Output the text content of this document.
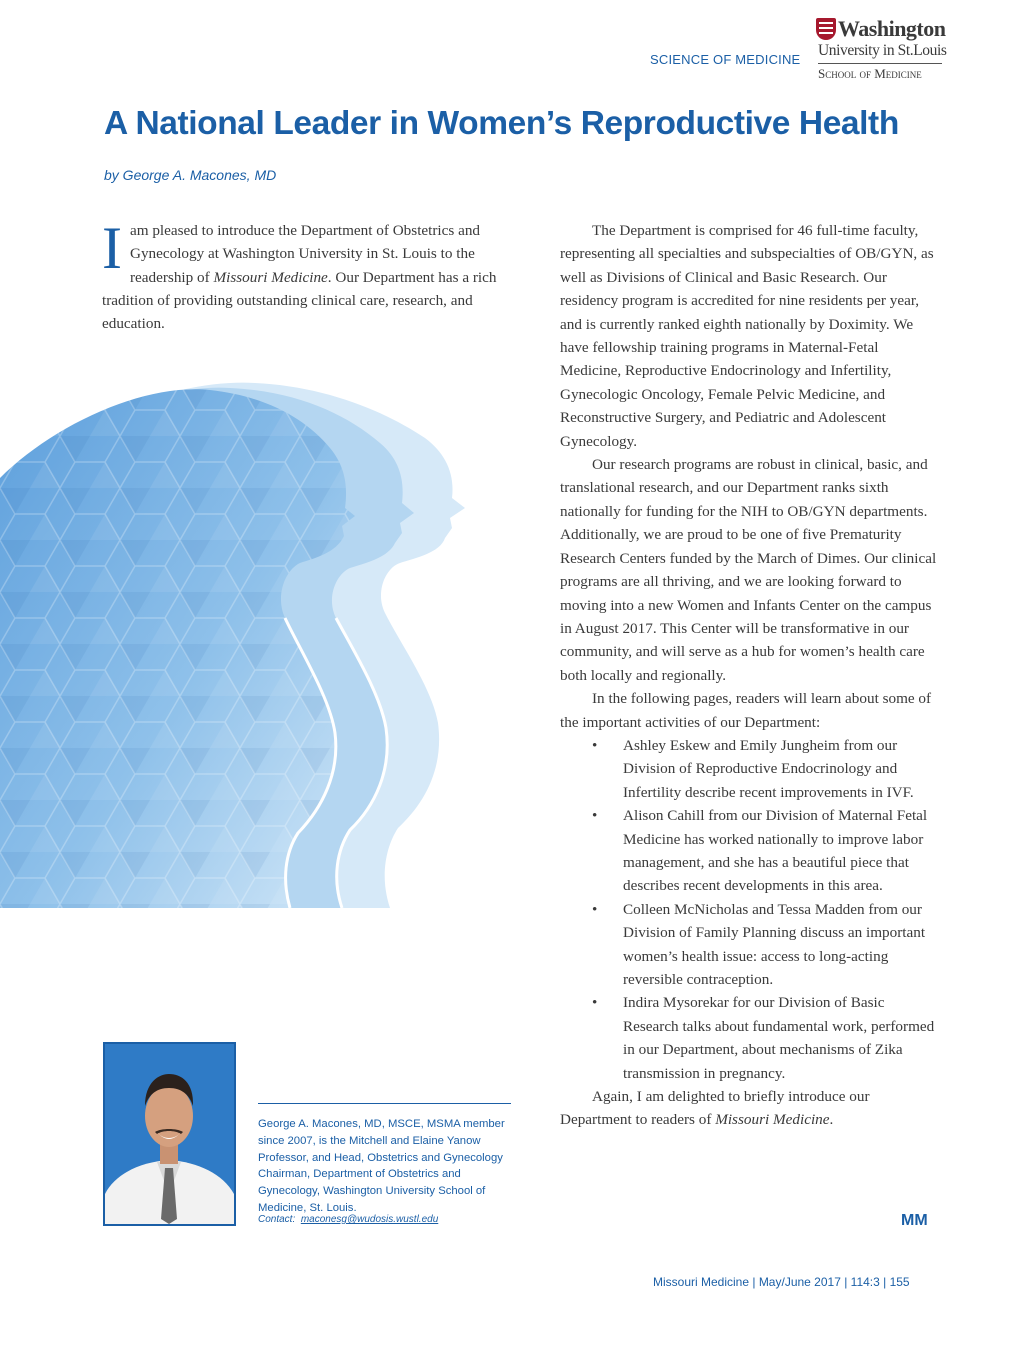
SCIENCE OF MEDICINE
Washington
University in St.Louis
School of Medicine
A National Leader in Women’s Reproductive Health
by George A. Macones, MD
Iam pleased to introduce the Department of Obstetrics and Gynecology at Washington University in St. Louis to the readership of Missouri Medicine. Our Department has a rich tradition of providing outstanding clinical care, research, and education.

The Department is comprised for 46 full-time faculty, representing all specialties and subspecialties of OB/GYN, as well as Divisions of Clinical and Basic Research. Our residency program is accredited for nine residents per year, and is currently ranked eighth nationally by Doximity. We have fellowship training programs in Maternal-Fetal Medicine, Reproductive Endocrinology and Infertility, Gynecologic Oncology, Female Pelvic Medicine, and Reconstructive Surgery, and Pediatric and Adolescent Gynecology.

Our research programs are robust in clinical, basic, and translational research, and our Department ranks sixth nationally for funding for the NIH to OB/GYN departments. Additionally, we are proud to be one of five Prematurity Research Centers funded by the March of Dimes. Our clinical programs are all thriving, and we are looking forward to moving into a new Women and Infants Center on the campus in August 2017. This Center will be transformative in our community, and will serve as a hub for women’s health care both locally and regionally.

In the following pages, readers will learn about some of the important activities of our Department:

• Ashley Eskew and Emily Jungheim from our Division of Reproductive Endocrinology and Infertility describe recent improvements in IVF.
• Alison Cahill from our Division of Maternal Fetal Medicine has worked nationally to improve labor management, and she has a beautiful piece that describes recent developments in this area.
• Colleen McNicholas and Tessa Madden from our Division of Family Planning discuss an important women’s health issue: access to long-acting reversible contraception.
• Indira Mysorekar for our Division of Basic Research talks about fundamental work, performed in our Department, about mechanisms of Zika transmission in pregnancy.

Again, I am delighted to briefly introduce our Department to readers of Missouri Medicine.

MM
George A. Macones, MD, MSCE, MSMA member since 2007, is the Mitchell and Elaine Yanow Professor, and Head, Obstetrics and Gynecology Chairman, Department of Obstetrics and Gynecology, Washington University School of Medicine, St. Louis.
Contact: maconesg@wudosis.wustl.edu
Missouri Medicine | May/June 2017 | 114:3 | 155
